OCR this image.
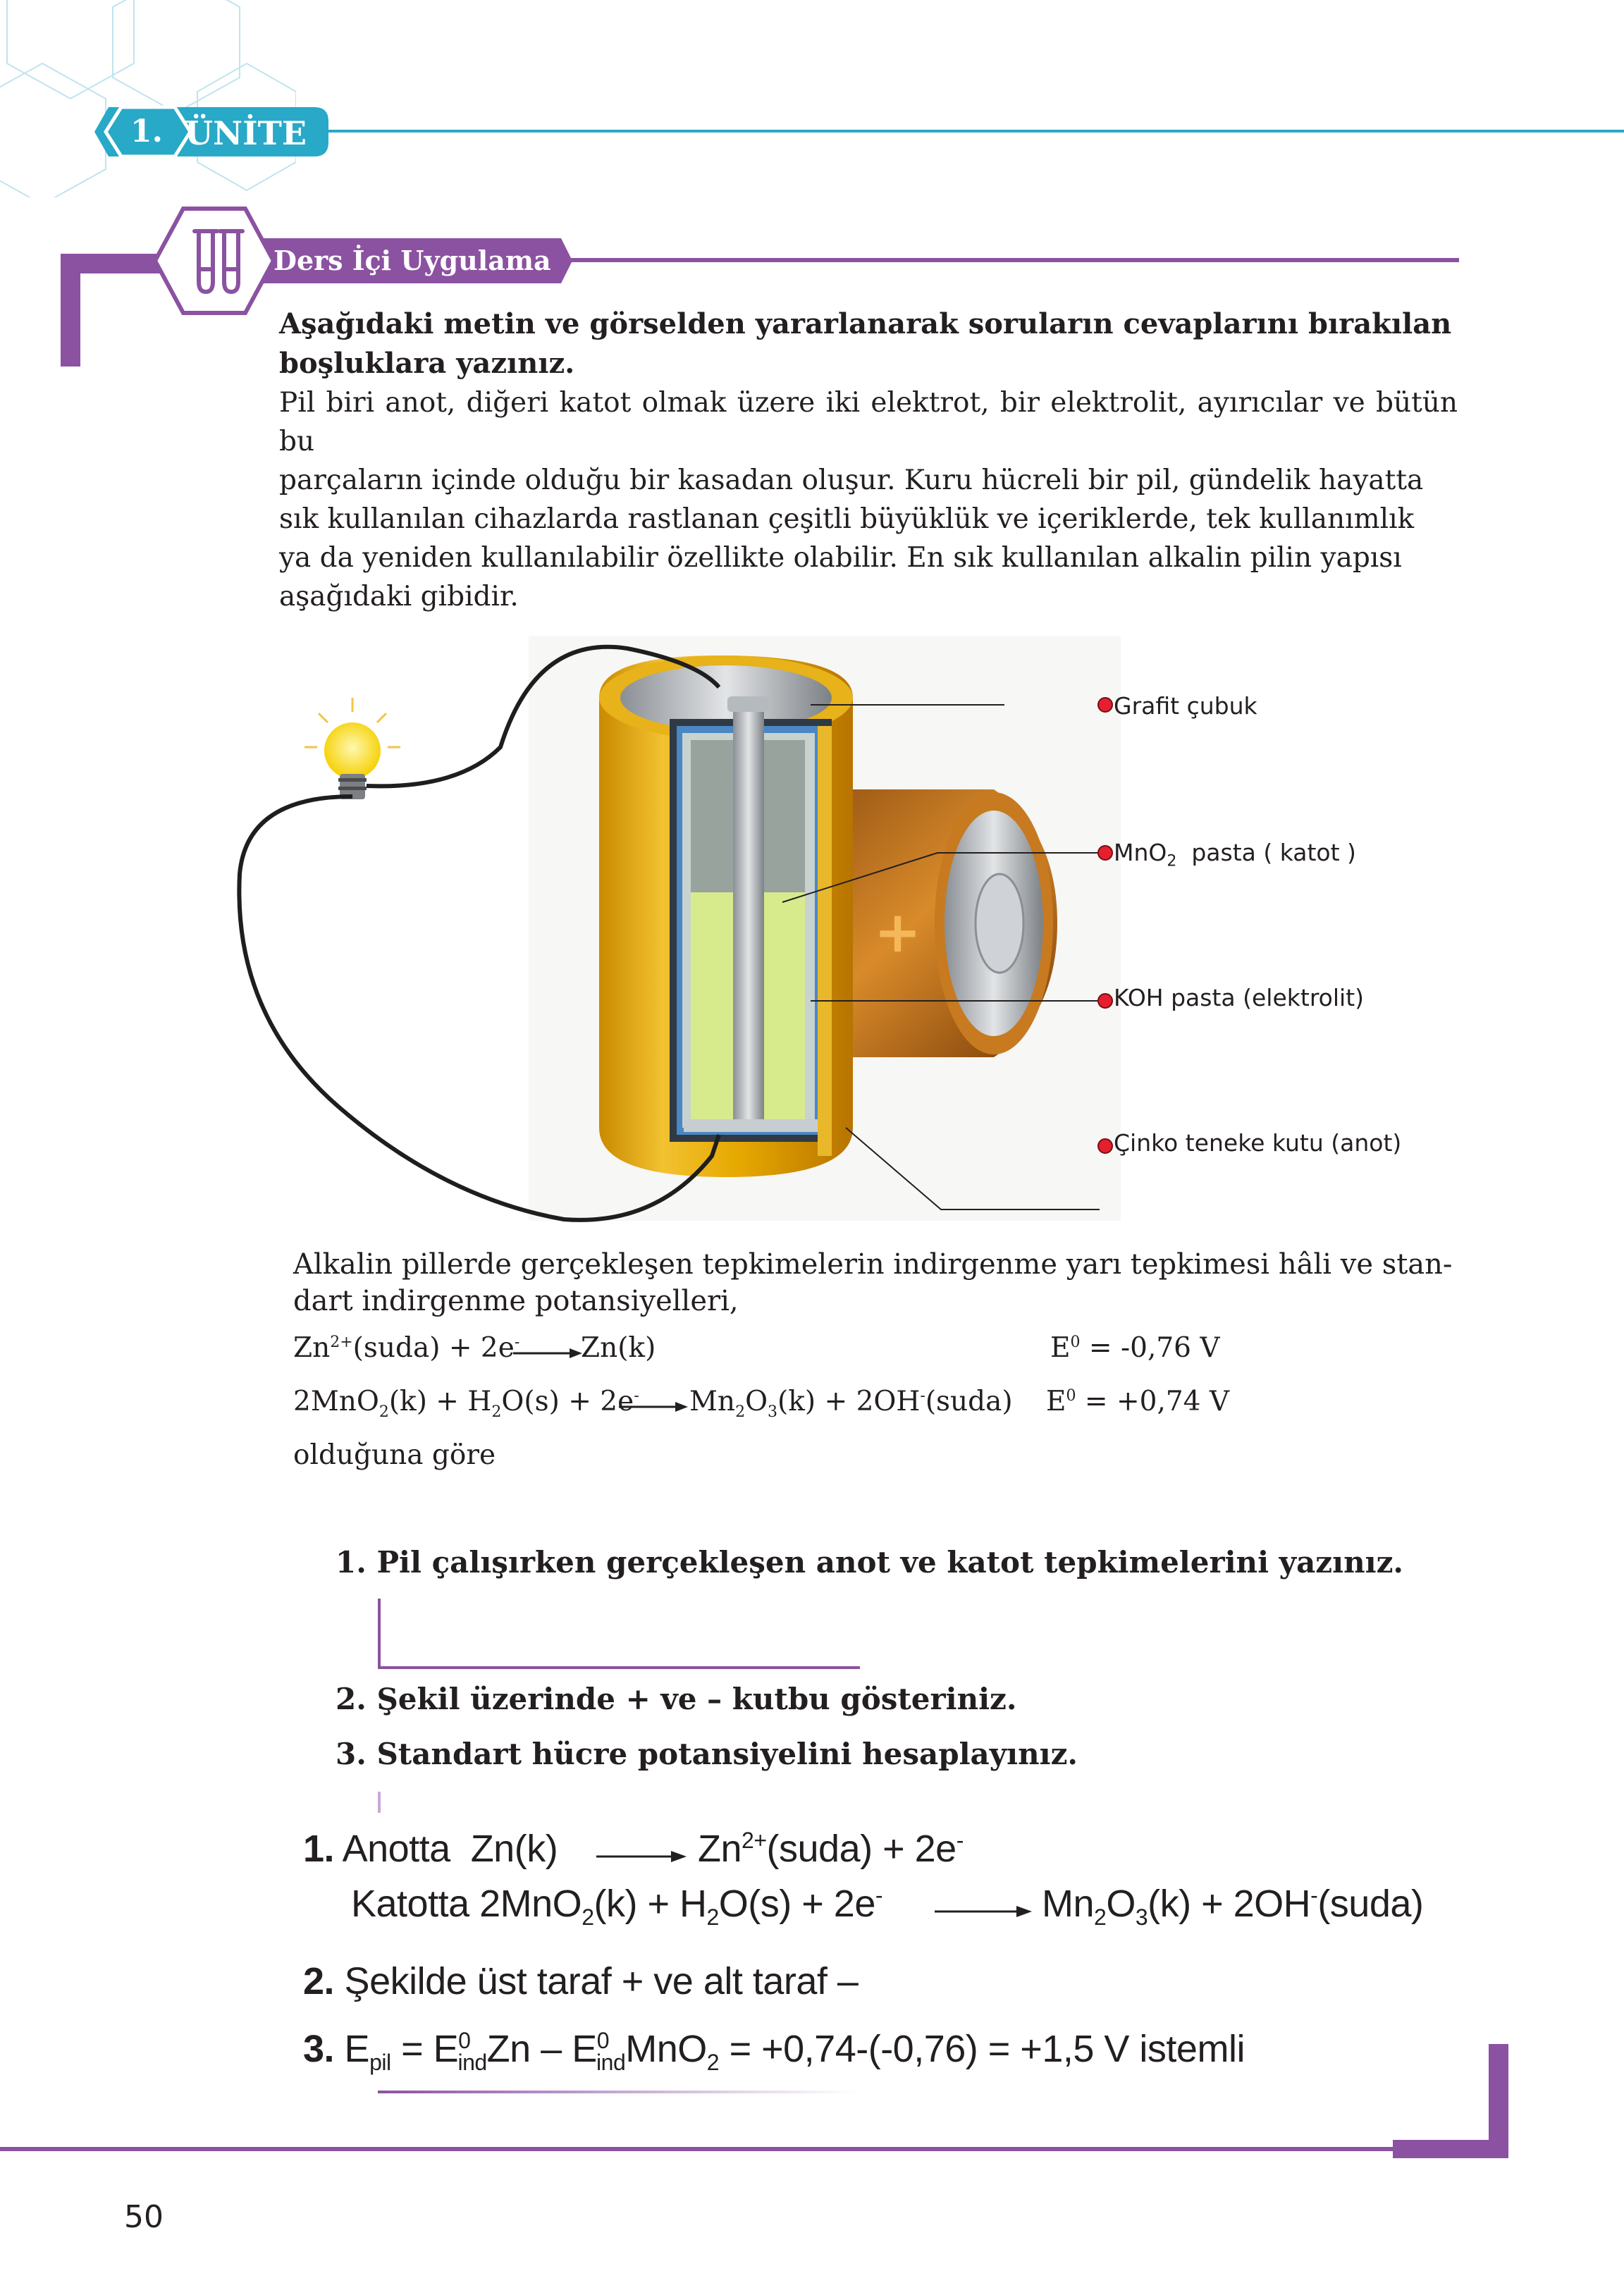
1. ÜNİTE
Ders İçi Uygulama
Aşağıdaki metin ve görselden yararlanarak soruların cevaplarını bırakılan boşluklara yazınız.
Pil biri anot, diğeri katot olmak üzere iki elektrot, bir elektrolit, ayırıcılar ve bütün bu
parçaların içinde olduğu bir kasadan oluşur. Kuru hücreli bir pil, gündelik hayatta
sık kullanılan cihazlarda rastlanan çeşitli büyüklük ve içeriklerde, tek kullanımlık
ya da yeniden kullanılabilir özellikte olabilir. En sık kullanılan alkalin pilin yapısı
aşağıdaki gibidir.
+
Grafit çubuk
MnO$_2$  pasta ( katot )
KOH pasta (elektrolit)
Çinko teneke kutu (anot)
Alkalin pillerde gerçekleşen tepkimelerin indirgenme yarı tepkimesi hâli ve stan-
dart indirgenme potansiyelleri,
$Zn^{2+}(suda) + 2e^-$ Zn(k)	$E^0 = -0,76$ V
$2MnO_2(k) + H_2O(s) + 2e^-$ $Mn_2O_3(k)$ + 2OH-(suda) $E^0 = +0,74$ V
olduğuna göre
1. Pil çalışırken gerçekleşen anot ve katot tepkimelerini yazınız.
2. Şekil üzerinde + ve – kutbu gösteriniz.
3. Standart hücre potansiyelini hesaplayınız.
1. Anotta  Zn(k)	$Zn^{2+}(suda) + 2e^-$
Katotta $2MnO_2(k) + H_2O(s) + 2e^-$	$Mn_2O_3(k)$ + 2OH-(suda)
2. Şekilde üst taraf + ve alt taraf –
3. $E_{pil} = E^0_{ind}Zn - E^0_{ind}MnO_2 = +0,74-(-0,76) = +1,5$ V istemli
50
